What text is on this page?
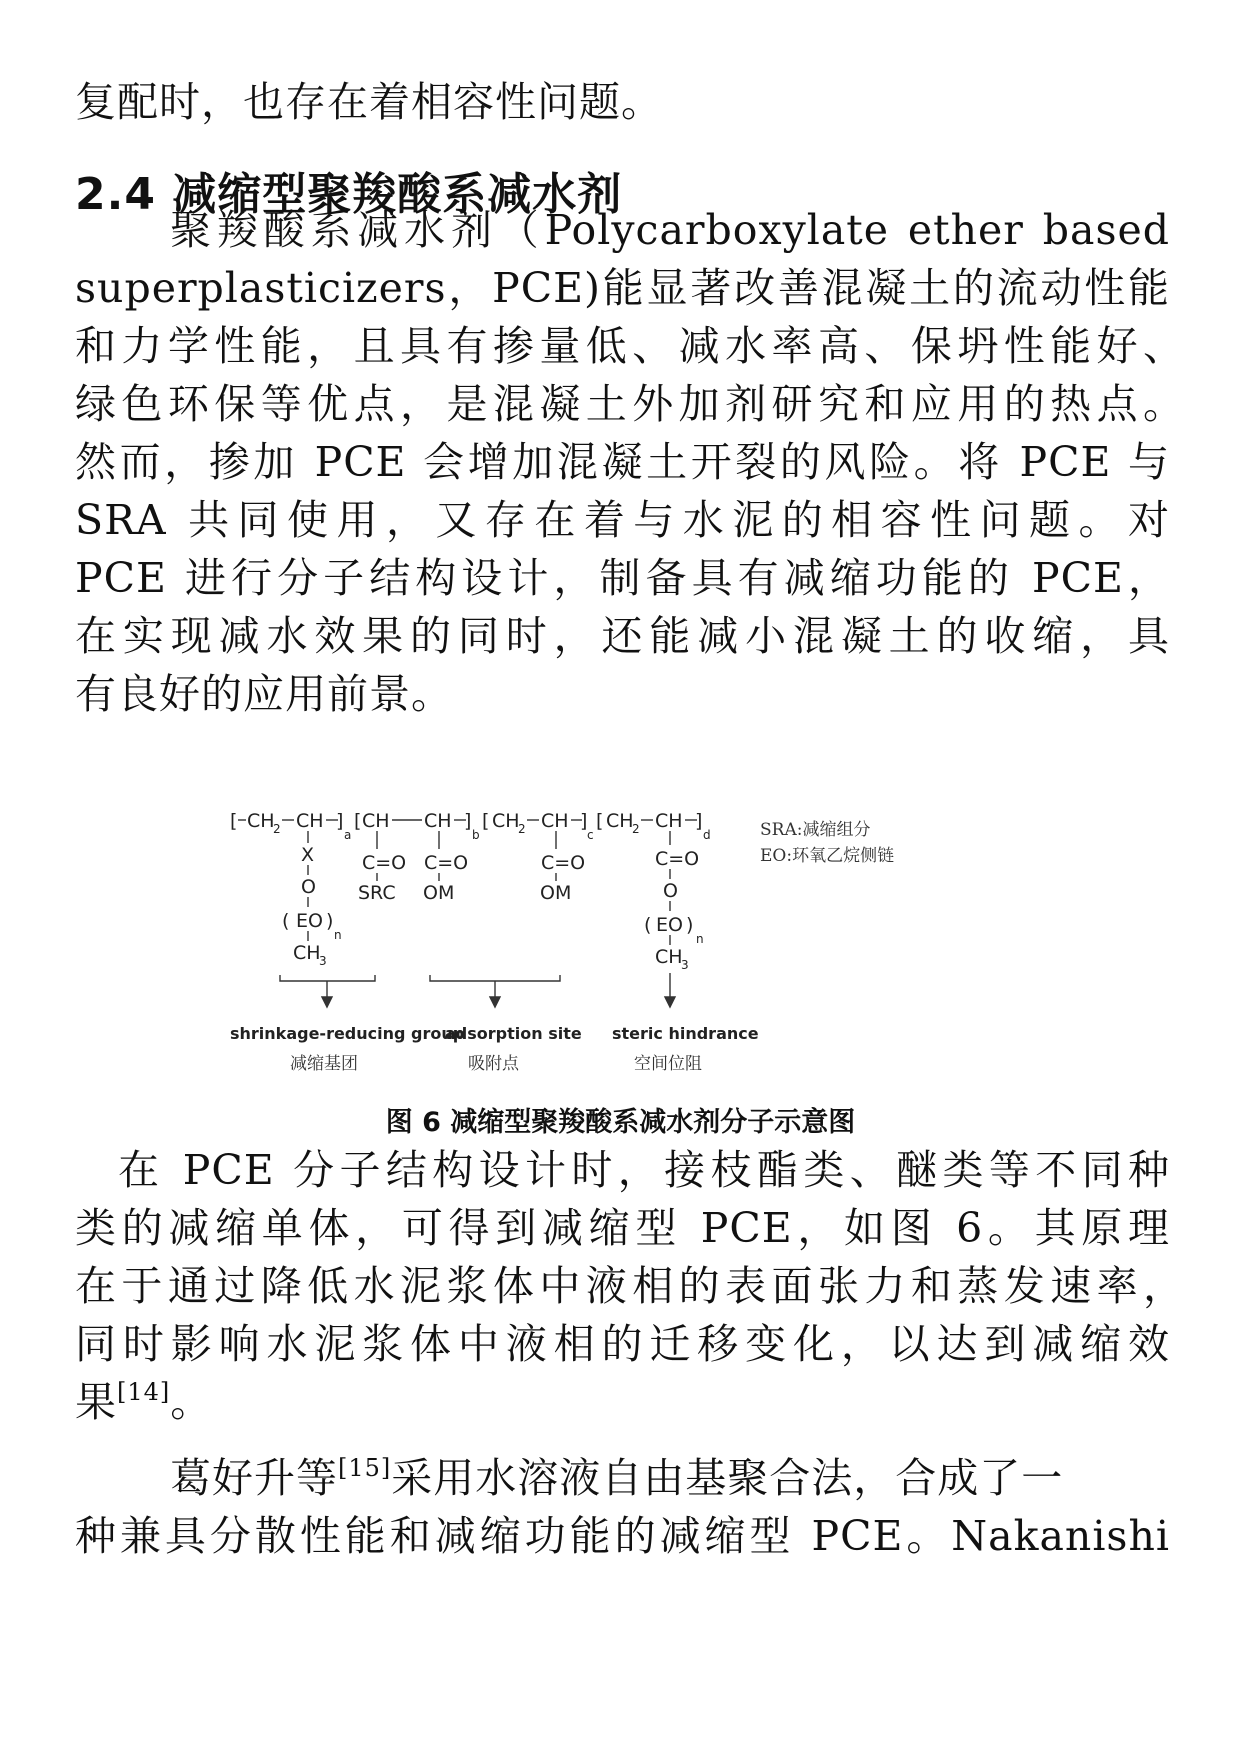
复配时，也存在着相容性问题。
2.4 减缩型聚羧酸系减水剂
聚羧酸系减水剂（Polycarboxylate ether based
superplasticizers，PCE)能显著改善混凝土的流动性能
和力学性能，且具有掺量低、减水率高、保坍性能好、
绿色环保等优点，是混凝土外加剂研究和应用的热点。
然而，掺加 PCE 会增加混凝土开裂的风险。将 PCE 与
SRA 共同使用，又存在着与水泥的相容性问题。对
PCE 进行分子结构设计，制备具有减缩功能的 PCE，
在实现减水效果的同时，还能减小混凝土的收缩，具
有良好的应用前景。
[ CH
2 CH ]
a
[ CH CH ]
b
[ CH
2 CH ]
c
[ CH
2 CH ]
d
X
O
( EO )
n
CH
3
C=O
SRC
C=O
OM
C=O
OM
C=O
O
( EO )
n
CH
3
SRA:减缩组分
EO:环氧乙烷侧链
shrinkage-reducing group
adsorption site steric hindrance
减缩基团	吸附点	空间位阻
图 6 减缩型聚羧酸系减水剂分子示意图
在 PCE 分子结构设计时，接枝酯类、醚类等不同种
类的减缩单体，可得到减缩型 PCE，如图 6。其原理
在于通过降低水泥浆体中液相的表面张力和蒸发速率，
同时影响水泥浆体中液相的迁移变化，以达到减缩效
果[14]。
葛好升等[15]采用水溶液自由基聚合法，合成了一
种兼具分散性能和减缩功能的减缩型 PCE。Nakanishi
